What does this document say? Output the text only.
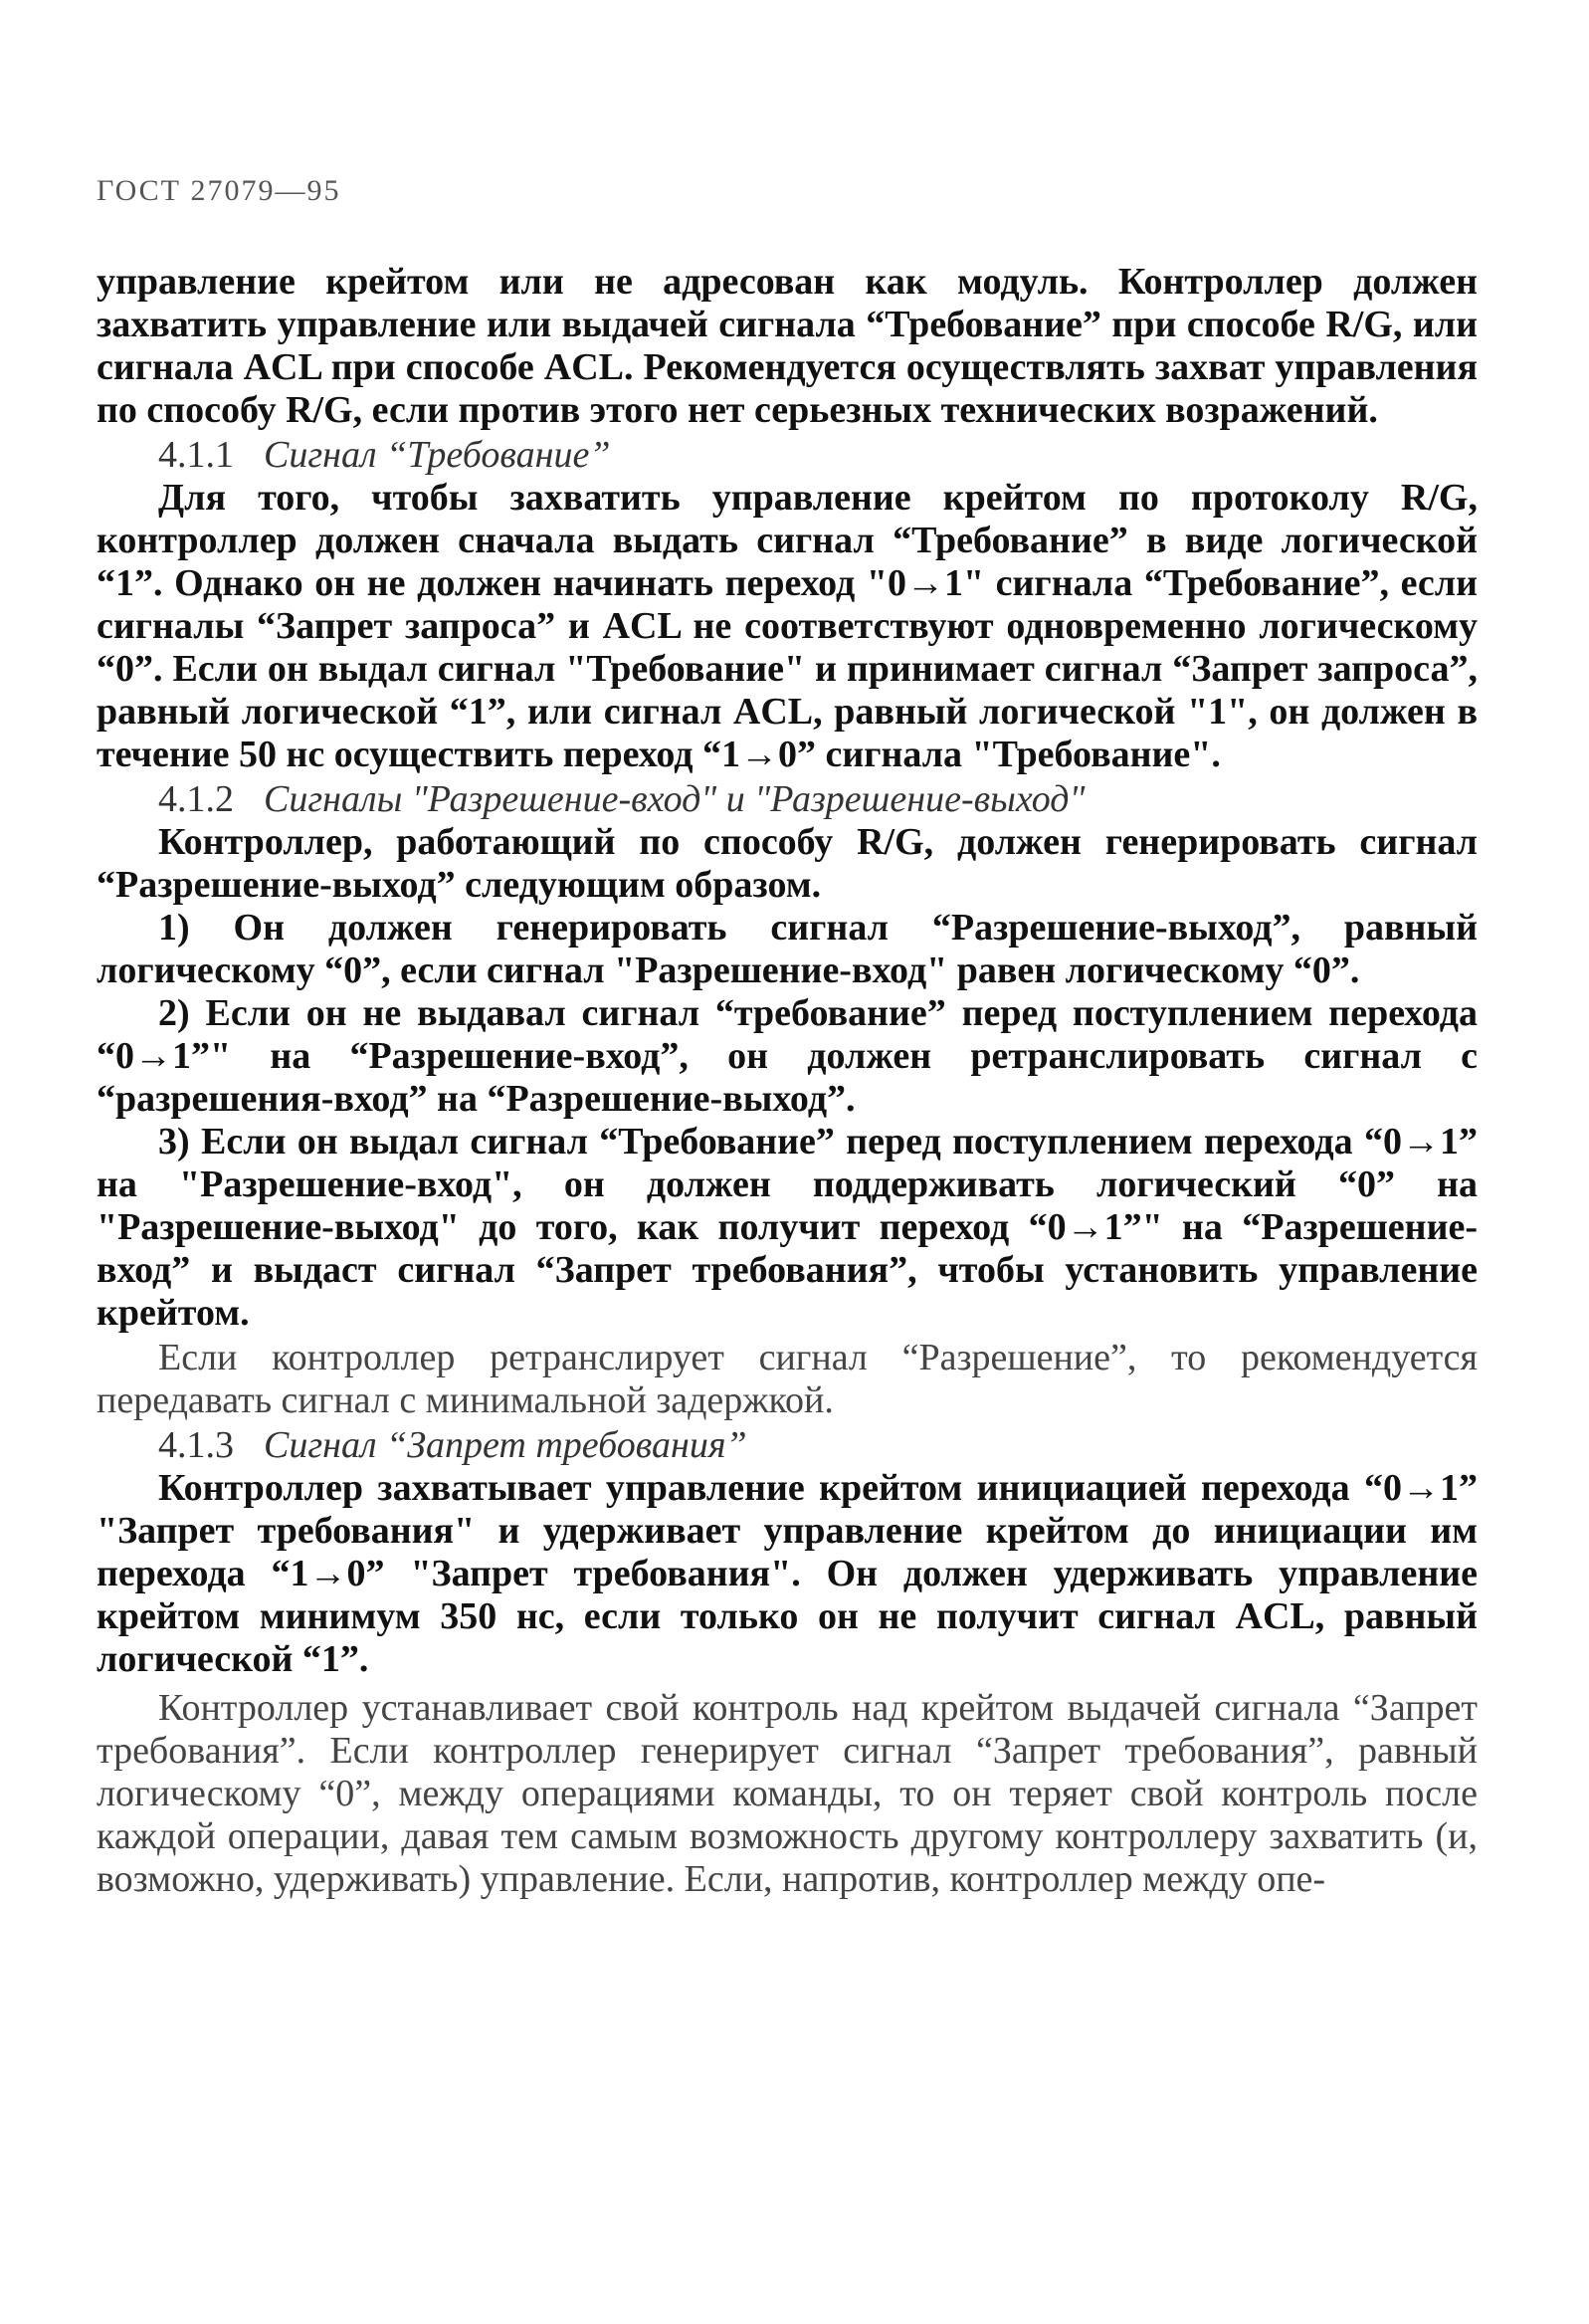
ГОСТ 27079—95

управление крейтом или не адресован как модуль. Контроллер должен захватить управление или выдачей сигнала “Требование” при способе R/G, или сигнала ACL при способе ACL. Рекомендуется осуществлять захват управления по способу R/G, если против этого нет серьезных технических возражений.

4.1.1 Сигнал “Требование”

Для того, чтобы захватить управление крейтом по протоколу R/G, контроллер должен сначала выдать сигнал “Требование” в виде логической “1”. Однако он не должен начинать переход "0→1" сигнала “Требование”, если сигналы “Запрет запроса” и ACL не соответствуют одновременно логическому “0”. Если он выдал сигнал "Требование" и принимает сигнал “Запрет запроса”, равный логической “1”, или сигнал ACL, равный логической "1", он должен в течение 50 нс осуществить переход “1→0” сигнала "Требование".

4.1.2 Сигналы "Разрешение-вход" и "Разрешение-выход"

Контроллер, работающий по способу R/G, должен генерировать сигнал “Разрешение-выход” следующим образом.

1) Он должен генерировать сигнал “Разрешение-выход”, равный логическому “0”, если сигнал "Разрешение-вход" равен логическому “0”.

2) Если он не выдавал сигнал “требование” перед поступлением перехода “0→1”" на “Разрешение-вход”, он должен ретранслировать сигнал с “разрешения-вход” на “Разрешение-выход”.

3) Если он выдал сигнал “Требование” перед поступлением перехода “0→1” на "Разрешение-вход", он должен поддерживать логический “0” на "Разрешение-выход" до того, как получит переход “0→1”" на “Разрешение-вход” и выдаст сигнал “Запрет требования”, чтобы установить управление крейтом.

Если контроллер ретранслирует сигнал “Разрешение”, то рекомендуется передавать сигнал с минимальной задержкой.

4.1.3 Сигнал “Запрет требования”

Контроллер захватывает управление крейтом инициацией перехода “0→1” "Запрет требования" и удерживает управление крейтом до инициации им перехода “1→0” "Запрет требования". Он должен удерживать управление крейтом минимум 350 нс, если только он не получит сигнал ACL, равный логической “1”.

Контроллер устанавливает свой контроль над крейтом выдачей сигнала “Запрет требования”. Если контроллер генерирует сигнал “Запрет требования”, равный логическому “0”, между операциями команды, то он теряет свой контроль после каждой операции, давая тем самым возможность другому контроллеру захватить (и, возможно, удерживать) управление. Если, напротив, контроллер между опе-
